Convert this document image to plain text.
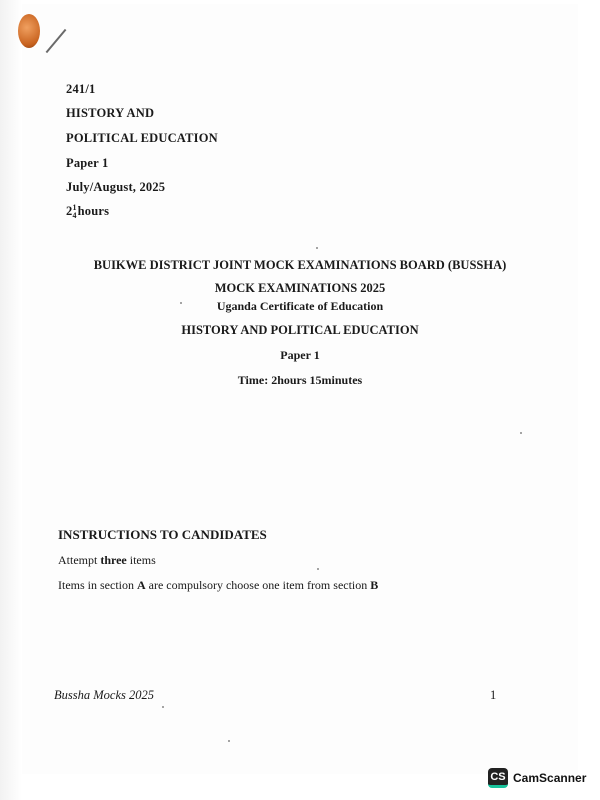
241/1
HISTORY AND
POLITICAL EDUCATION
Paper 1
July/August, 2025
2 1
4 hours
BUIKWE DISTRICT JOINT MOCK EXAMINATIONS BOARD (BUSSHA)
MOCK EXAMINATIONS 2025
Uganda Certificate of Education
HISTORY AND POLITICAL EDUCATION
Paper 1
Time: 2hours 15minutes
INSTRUCTIONS TO CANDIDATES
Attempt three items
Items in section A are compulsory choose one item from section B
Bussha Mocks 2025	1
CS CamScanner
